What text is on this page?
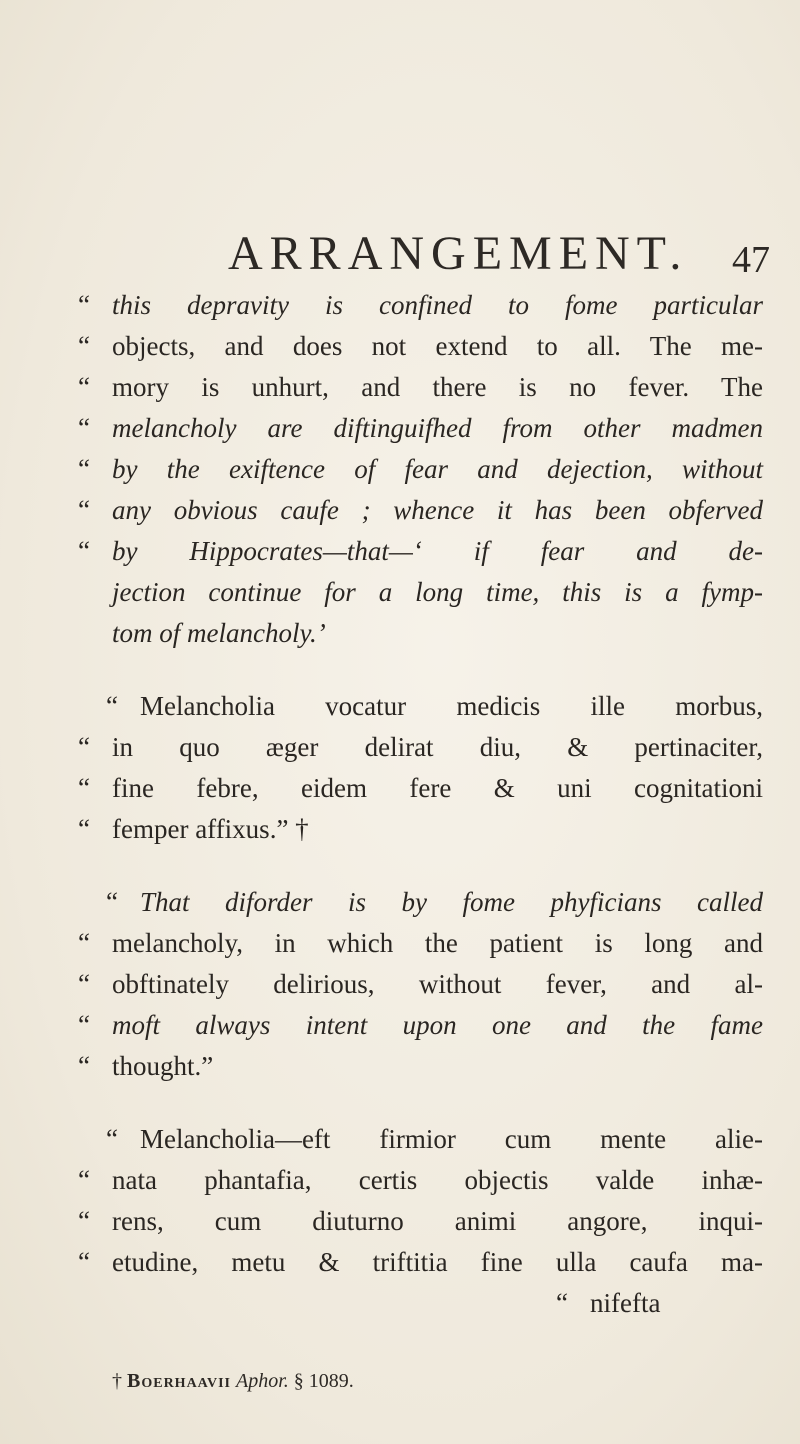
ARRANGEMENT. 47
“ this depravity is confined to fome particular
“ objects, and does not extend to all. The me-
“ mory is unhurt, and there is no fever. The
“ melancholy are diftinguifhed from other madmen
“ by the exiftence of fear and dejection, without
“ any obvious caufe ; whence it has been obferved
“ by Hippocrates—that—‘ if fear and de-
jection continue for a long time, this is a fymp-
tom of melancholy.’
“ Melancholia vocatur medicis ille morbus,
“ in quo æger delirat diu, & pertinaciter,
“ fine febre, eidem fere & uni cognitationi
“ femper affixus.” †
“ That diforder is by fome phyficians called
“ melancholy, in which the patient is long and
“ obftinately delirious, without fever, and al-
“ moft always intent upon one and the fame
“ thought.”
“ Melancholia—eft firmior cum mente alie-
“ nata phantafia, certis objectis valde inhæ-
“ rens, cum diuturno animi angore, inqui-
“ etudine, metu & triftitia fine ulla caufa ma-
“ nifefta
† Boerhaavii Aphor. § 1089.
